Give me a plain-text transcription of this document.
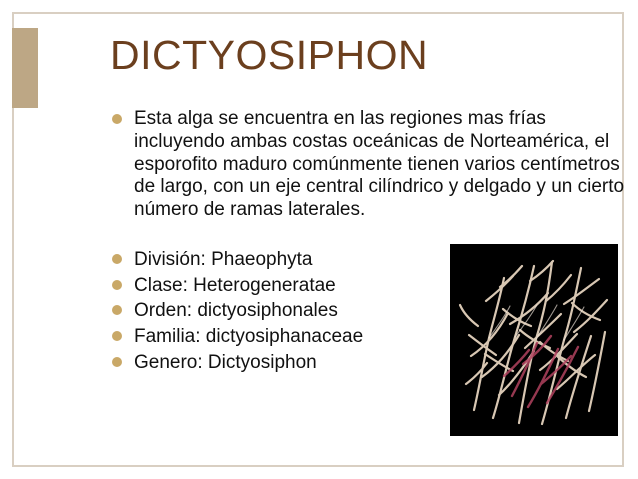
DICTYOSIPHON
Esta alga se encuentra en las regiones mas frías incluyendo ambas costas oceánicas de Norteamérica, el esporofito maduro comúnmente tienen varios centímetros de largo, con un eje central cilíndrico y delgado y un cierto número de ramas laterales.
División: Phaeophyta
Clase: Heterogeneratae
Orden: dictyosiphonales
Familia: dictyosiphanaceae
Genero: Dictyosiphon
